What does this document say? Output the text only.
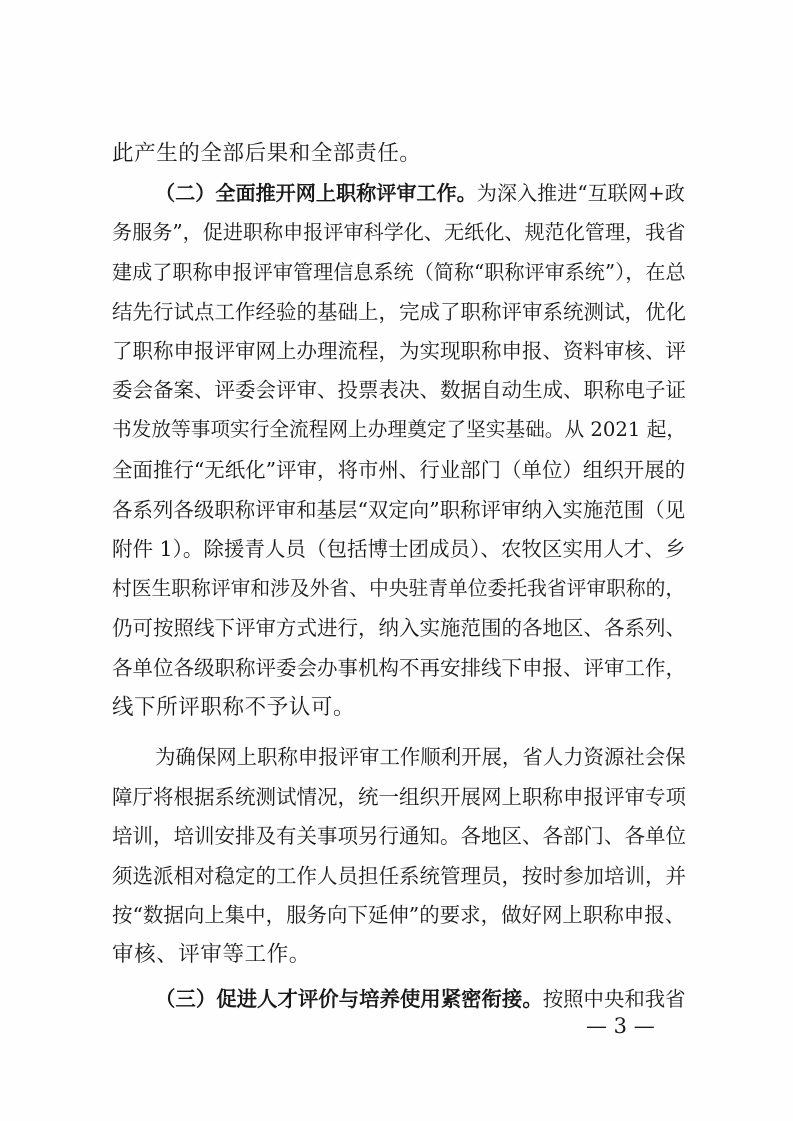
此产生的全部后果和全部责任。
（二）全面推开网上职称评审工作。为深入推进“互联网+政
务服务”，促进职称申报评审科学化、无纸化、规范化管理，我省
建成了职称申报评审管理信息系统（简称“职称评审系统”），在总
结先行试点工作经验的基础上，完成了职称评审系统测试，优化
了职称申报评审网上办理流程，为实现职称申报、资料审核、评
委会备案、评委会评审、投票表决、数据自动生成、职称电子证
书发放等事项实行全流程网上办理奠定了坚实基础。从 2021 起，
全面推行“无纸化”评审，将市州、行业部门（单位）组织开展的
各系列各级职称评审和基层“双定向”职称评审纳入实施范围（见
附件 1）。除援青人员（包括博士团成员）、农牧区实用人才、乡
村医生职称评审和涉及外省、中央驻青单位委托我省评审职称的，
仍可按照线下评审方式进行，纳入实施范围的各地区、各系列、
各单位各级职称评委会办事机构不再安排线下申报、评审工作，
线下所评职称不予认可。
为确保网上职称申报评审工作顺利开展，省人力资源社会保
障厅将根据系统测试情况，统一组织开展网上职称申报评审专项
培训，培训安排及有关事项另行通知。各地区、各部门、各单位
须选派相对稳定的工作人员担任系统管理员，按时参加培训，并
按“数据向上集中，服务向下延伸”的要求，做好网上职称申报、
审核、评审等工作。
（三）促进人才评价与培养使用紧密衔接。按照中央和我省
— 3 —
